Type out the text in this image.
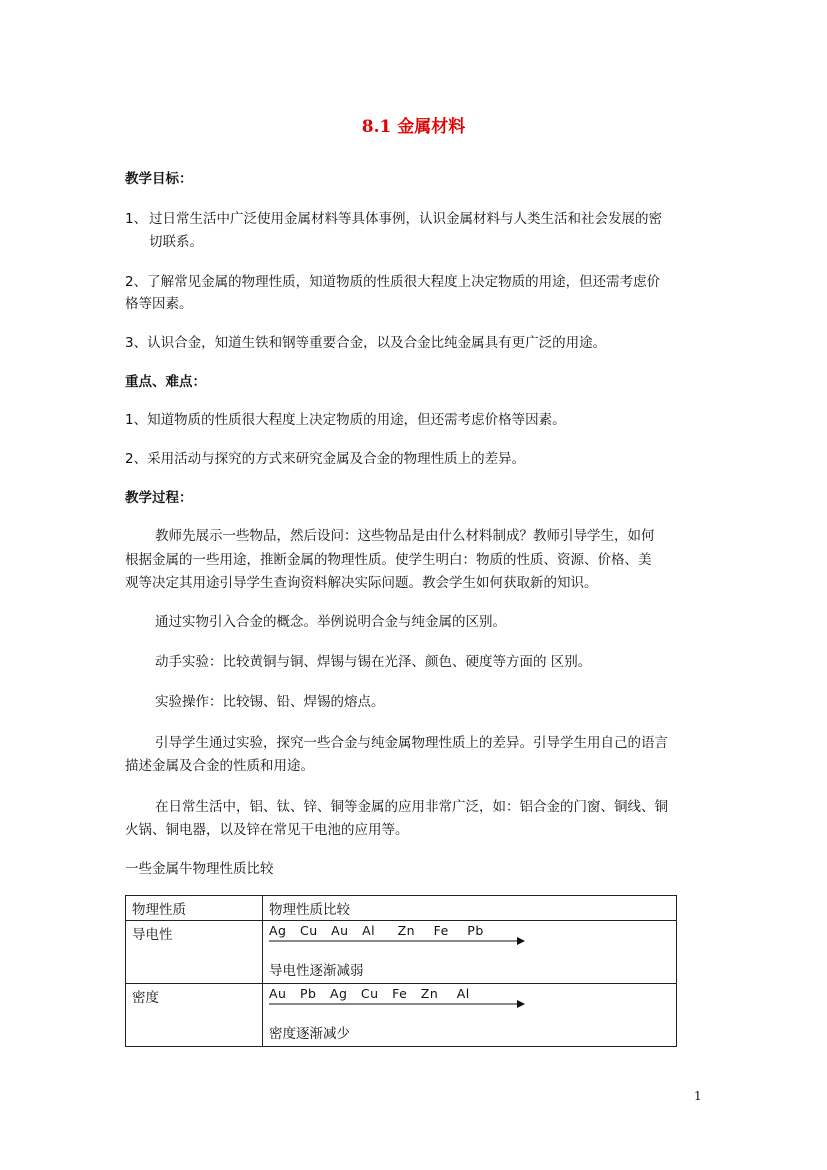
8.1 金属材料
教学目标：
1、 过日常生活中广泛使用金属材料等具体事例，认识金属材料与人类生活和社会发展的密
切联系。
2、了解常见金属的物理性质，知道物质的性质很大程度上决定物质的用途，但还需考虑价
格等因素。
3、认识合金，知道生铁和钢等重要合金，以及合金比纯金属具有更广泛的用途。
重点、难点：
1、知道物质的性质很大程度上决定物质的用途，但还需考虑价格等因素。
2、采用活动与探究的方式来研究金属及合金的物理性质上的差异。
教学过程：
教师先展示一些物品，然后设问：这些物品是由什么材料制成？教师引导学生，如何
根据金属的一些用途，推断金属的物理性质。使学生明白：物质的性质、资源、价格、美
观等决定其用途引导学生查询资料解决实际问题。教会学生如何获取新的知识。
通过实物引入合金的概念。举例说明合金与纯金属的区别。
动手实验：比较黄铜与铜、焊锡与锡在光泽、颜色、硬度等方面的 区别。
实验操作：比较锡、铅、焊锡的熔点。
引导学生通过实验，探究一些合金与纯金属物理性质上的差异。引导学生用自己的语言
描述金属及合金的性质和用途。
在日常生活中，铝、钛、锌、铜等金属的应用非常广泛，如：铝合金的门窗、铜线、铜
火锅、铜电器，以及锌在常见干电池的应用等。
一些金属牛物理性质比较
物理性质	物理性质比较
导电性	Ag Cu Au Al Zn Fe Pb
导电性逐渐减弱

密度	Au Pb Ag Cu Fe Zn Al
密度逐渐减少
1
